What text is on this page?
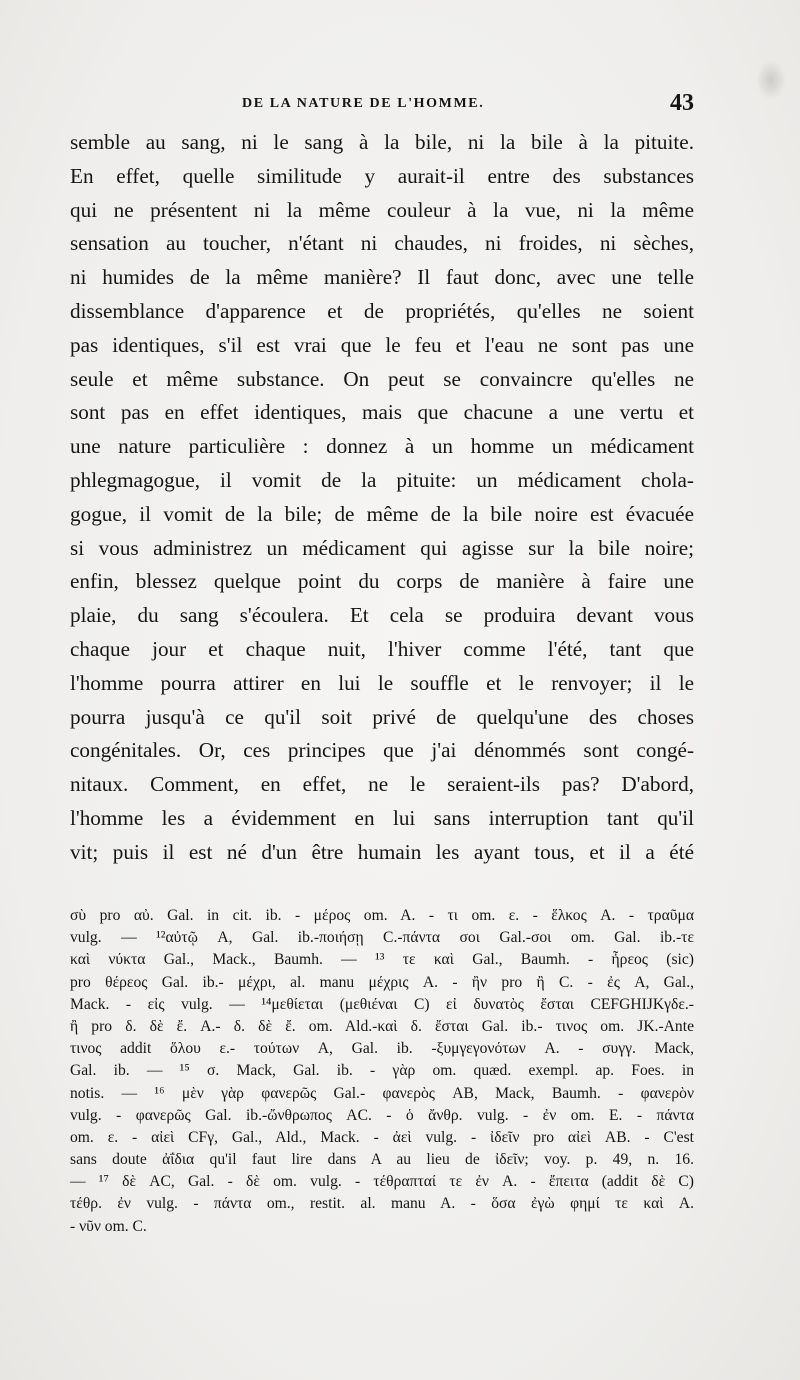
DE LA NATURE DE L'HOMME.	43
semble au sang, ni le sang à la bile, ni la bile à la pituite.
En effet, quelle similitude y aurait-il entre des substances
qui ne présentent ni la même couleur à la vue, ni la même
sensation au toucher, n'étant ni chaudes, ni froides, ni sèches,
ni humides de la même manière? Il faut donc, avec une telle
dissemblance d'apparence et de propriétés, qu'elles ne soient
pas identiques, s'il est vrai que le feu et l'eau ne sont pas une
seule et même substance. On peut se convaincre qu'elles ne
sont pas en effet identiques, mais que chacune a une vertu et
une nature particulière : donnez à un homme un médicament
phlegmagogue, il vomit de la pituite: un médicament chola-
gogue, il vomit de la bile; de même de la bile noire est évacuée
si vous administrez un médicament qui agisse sur la bile noire;
enfin, blessez quelque point du corps de manière à faire une
plaie, du sang s'écoulera. Et cela se produira devant vous
chaque jour et chaque nuit, l'hiver comme l'été, tant que
l'homme pourra attirer en lui le souffle et le renvoyer; il le
pourra jusqu'à ce qu'il soit privé de quelqu'une des choses
congénitales. Or, ces principes que j'ai dénommés sont congé-
nitaux. Comment, en effet, ne le seraient-ils pas? D'abord,
l'homme les a évidemment en lui sans interruption tant qu'il
vit; puis il est né d'un être humain les ayant tous, et il a été
σὺ pro αὐ. Gal. in cit. ib. - μέρος om. A. - τι om. ε. - ἕλκος A. - τραῦμα
vulg. — ¹²αὐτῷ A, Gal. ib.-ποιήσῃ C.-πάντα σοι Gal.-σοι om. Gal. ib.-τε
καὶ νύκτα Gal., Mack., Baumh. — ¹³ τε καὶ Gal., Baumh. - ἦρεος (sic)
pro θέρεος Gal. ib.- μέχρι, al. manu μέχρις A. - ἢν pro ἢ C. - ἐς A, Gal.,
Mack. - εἰς vulg. — ¹⁴μεθίεται (μεθιέναι C) εἰ δυνατὸς ἔσται CEFGHIJKγδε.-
ἢ pro δ. δὲ ἔ. A.- δ. δὲ ἔ. om. Ald.-καὶ δ. ἔσται Gal. ib.- τινος om. JK.-Ante
τινος addit ὅλου ε.- τούτων A, Gal. ib. -ξυμγεγονότων A. - συγγ. Mack,
Gal. ib. — ¹⁵ σ. Mack, Gal. ib. - γὰρ om. quæd. exempl. ap. Foes. in
notis. — ¹⁶ μὲν γὰρ φανερῶς Gal.- φανερὸς AB, Mack, Baumh. - φανερὸν
vulg. - φανερῶς Gal. ib.-ὤνθρωπος AC. - ὁ ἄνθρ. vulg. - ἐν om. E. - πάντα
om. ε. - αἰεὶ CFγ, Gal., Ald., Mack. - ἀεὶ vulg. - ἰδεῖν pro αἰεὶ AB. - C'est
sans doute ἀΐδια qu'il faut lire dans A au lieu de ἰδεῖν; voy. p. 49, n. 16.
— ¹⁷ δὲ AC, Gal. - δὲ om. vulg. - τέθραπταί τε ἐν A. - ἔπειτα (addit δὲ C)
τέθρ. ἐν vulg. - πάντα om., restit. al. manu A. - ὅσα ἐγὼ φημί τε καὶ A.
- νῦν om. C.
